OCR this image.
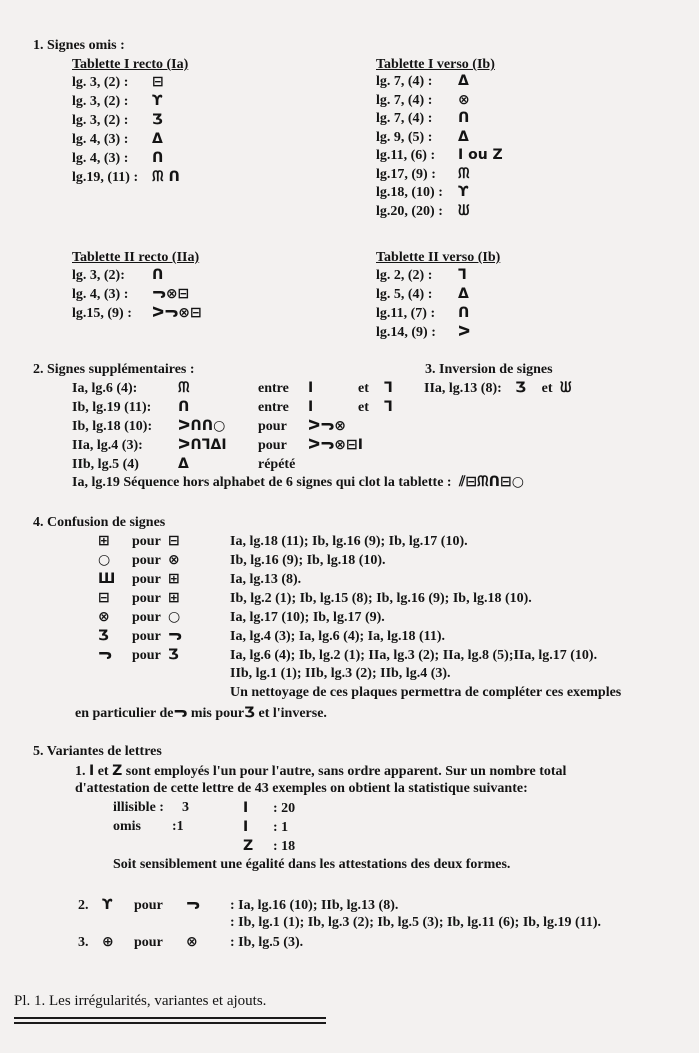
1. Signes omis :
Tablette I recto (Ia)
lg. 3, (2) : ⊟
lg. 3, (2) : ϒ
lg. 3, (2) : Ʒ
lg. 4, (3) : Δ
lg. 4, (3) : ᑎ
lg.19, (11) : ᙏ ᑎ
Tablette I verso (Ib)
lg. 7, (4) : Δ
lg. 7, (4) : ⊗
lg. 7, (4) : ᑎ
lg. 9, (5) : Δ
lg.11, (6) : Ι ou Ζ
lg.17, (9) : ᙏ
lg.18, (10) : ϒ
lg.20, (20) : ᙎ
Tablette II recto (IIa)
lg. 3, (2): ᑎ
lg. 4, (3) : ᓓ⊗⊟
lg.15, (9) : ᐳᓓ⊗⊟
Tablette II verso (Ib)
lg. 2, (2) : ᒣ
lg. 5, (4) : Δ
lg.11, (7) : ᑎ
lg.14, (9) : ᐳ
2. Signes supplémentaires :
Ia, lg.6 (4):	ᙏ	entre Ι	et ᒣ
Ib, lg.19 (11): ᑎ	entre Ι	et ᒣ
Ib, lg.18 (10): ᐳᑎᑎ○ pour ᐳᓓ⊗
IIa, lg.4 (3):	ᐳᑎᒣΔΙ pour ᐳᓓ⊗⊟Ι
IIb, lg.5 (4)	Δ	répété
Ia, lg.19 Séquence hors alphabet de 6 signes qui clot la tablette : ⫽⊟ᙏᑎ⊟○
3. Inversion de signes
IIa, lg.13 (8): Ʒ et ᙎ
4. Confusion de signes
⊞ pour ⊟	Ia, lg.18 (11); Ib, lg.16 (9); Ib, lg.17 (10).
○ pour ⊗	Ib, lg.16 (9); Ib, lg.18 (10).
Ш pour ⊞	Ia, lg.13 (8).
⊟ pour ⊞	Ib, lg.2 (1); Ib, lg.15 (8); Ib, lg.16 (9); Ib, lg.18 (10).
⊗ pour ○	Ia, lg.17 (10); Ib, lg.17 (9).
Ʒ pour ᓓ	Ia, lg.4 (3); Ia, lg.6 (4); Ia, lg.18 (11).
ᓓ pour Ʒ	Ia, lg.6 (4); Ib, lg.2 (1); IIa, lg.3 (2); IIa, lg.8 (5);IIa, lg.17 (10).
IIb, lg.1 (1); IIb, lg.3 (2); IIb, lg.4 (3).
Un nettoyage de ces plaques permettra de compléter ces exemples
en particulier deᓓ mis pourƷ et l'inverse.
5. Variantes de lettres
1. Ι et Ζ sont employés l'un pour l'autre, sans ordre apparent. Sur un nombre total
d'attestation de cette lettre de 43 exemples on obtient la statistique suivante:
illisible : 3
omis :1
Ι : 20
Ι : 1
Ζ : 18
Soit sensiblement une égalité dans les attestations des deux formes.
2. ϒ pour ᓓ : Ia, lg.16 (10); IIb, lg.13 (8).
: Ib, lg.1 (1); Ib, lg.3 (2); Ib, lg.5 (3); Ib, lg.11 (6); Ib, lg.19 (11).
3. ⊕ pour ⊗ : Ib, lg.5 (3).
Pl. 1. Les irrégularités, variantes et ajouts.
